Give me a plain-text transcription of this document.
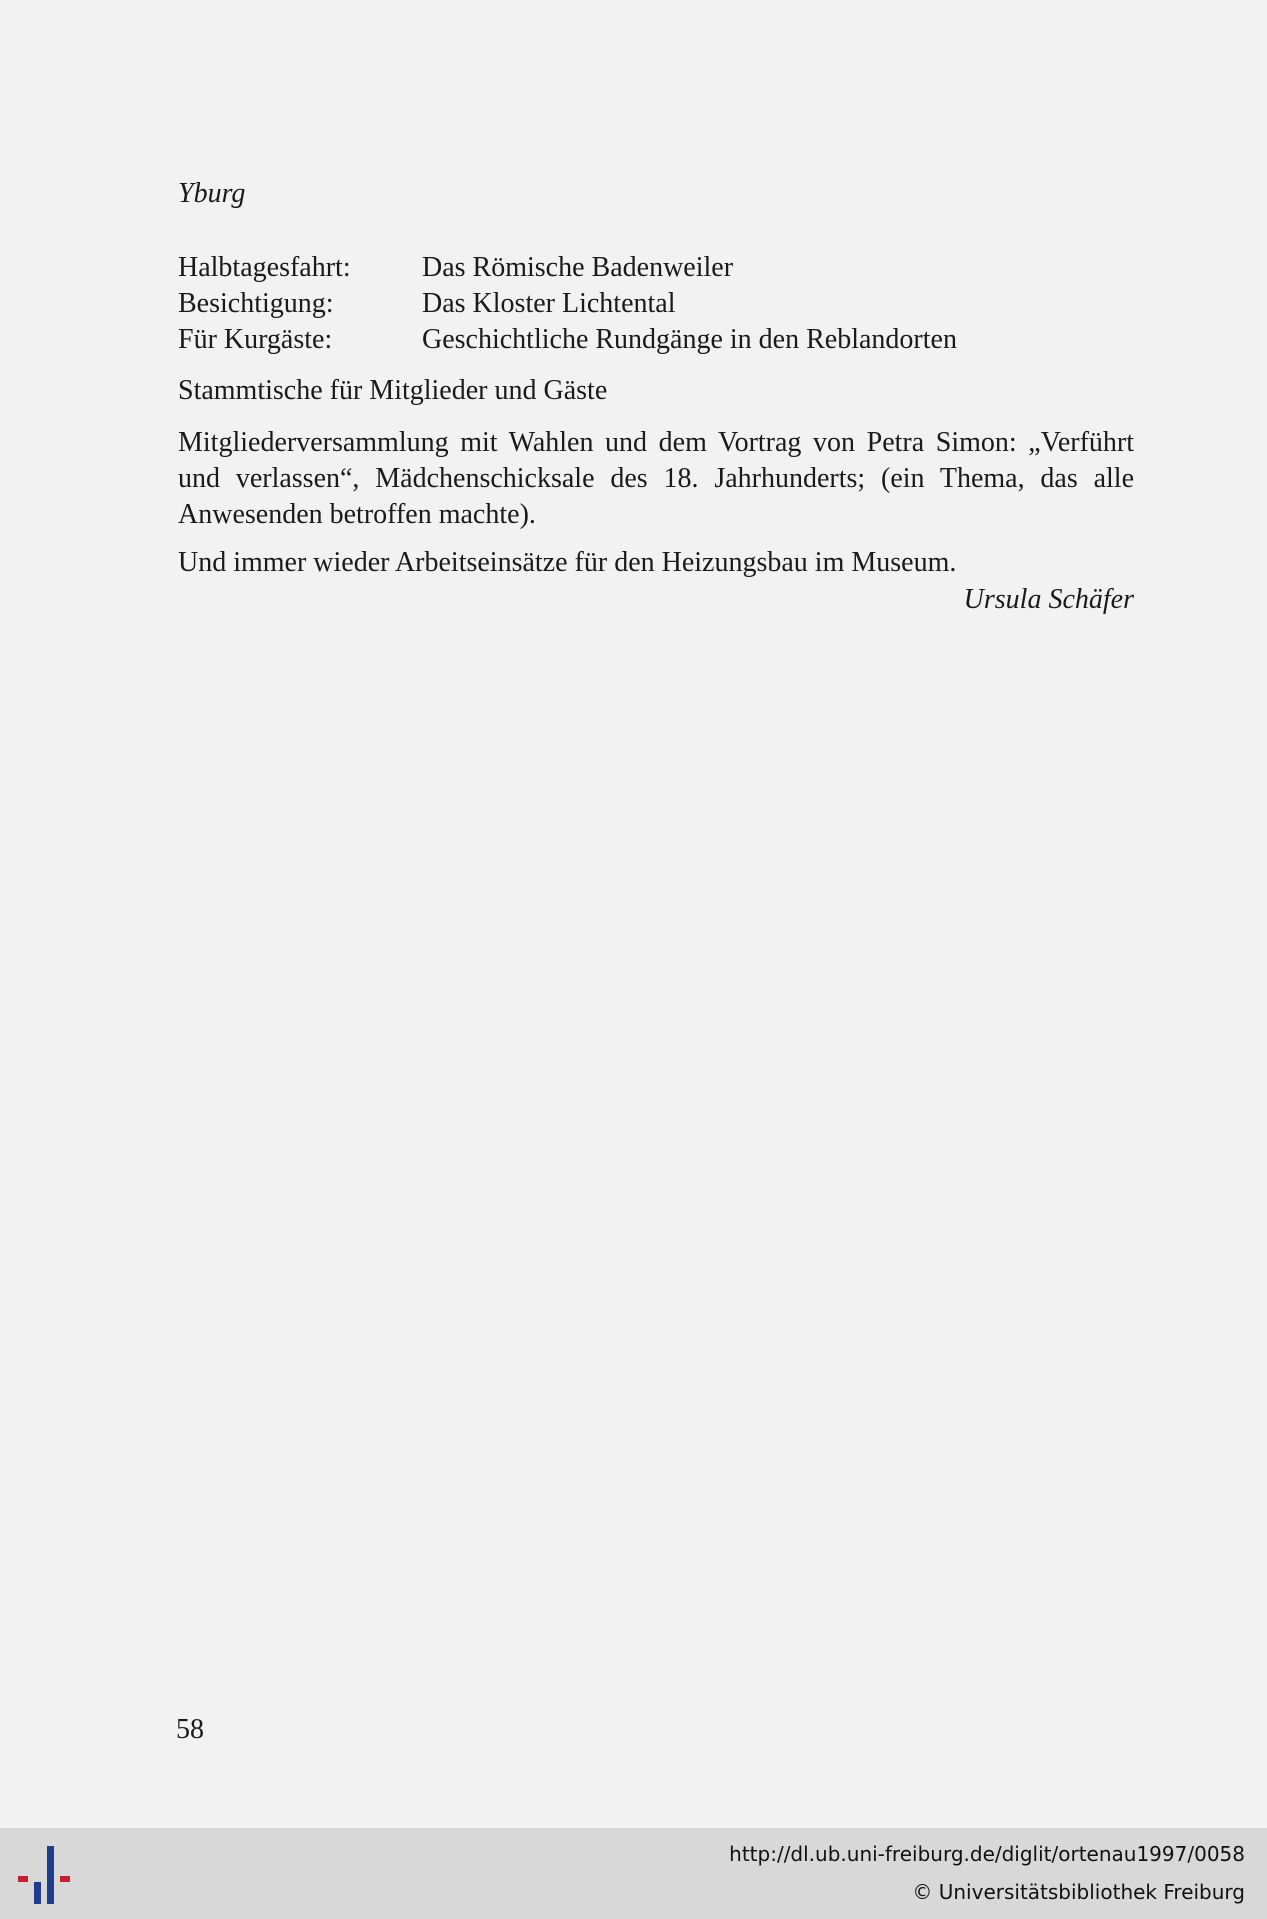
Yburg

Halbtagesfahrt:	Das Römische Badenweiler
Besichtigung:	Das Kloster Lichtental
Für Kurgäste:	Geschichtliche Rundgänge in den Reblandorten

Stammtische für Mitglieder und Gäste

Mitgliederversammlung mit Wahlen und dem Vortrag von Petra Simon: „Verführt und verlassen“, Mädchenschicksale des 18. Jahrhunderts; (ein Thema, das alle Anwesenden betroffen machte).

Und immer wieder Arbeitseinsätze für den Heizungsbau im Museum.

Ursula Schäfer

58
http://dl.ub.uni-freiburg.de/diglit/ortenau1997/0058
© Universitätsbibliothek Freiburg
